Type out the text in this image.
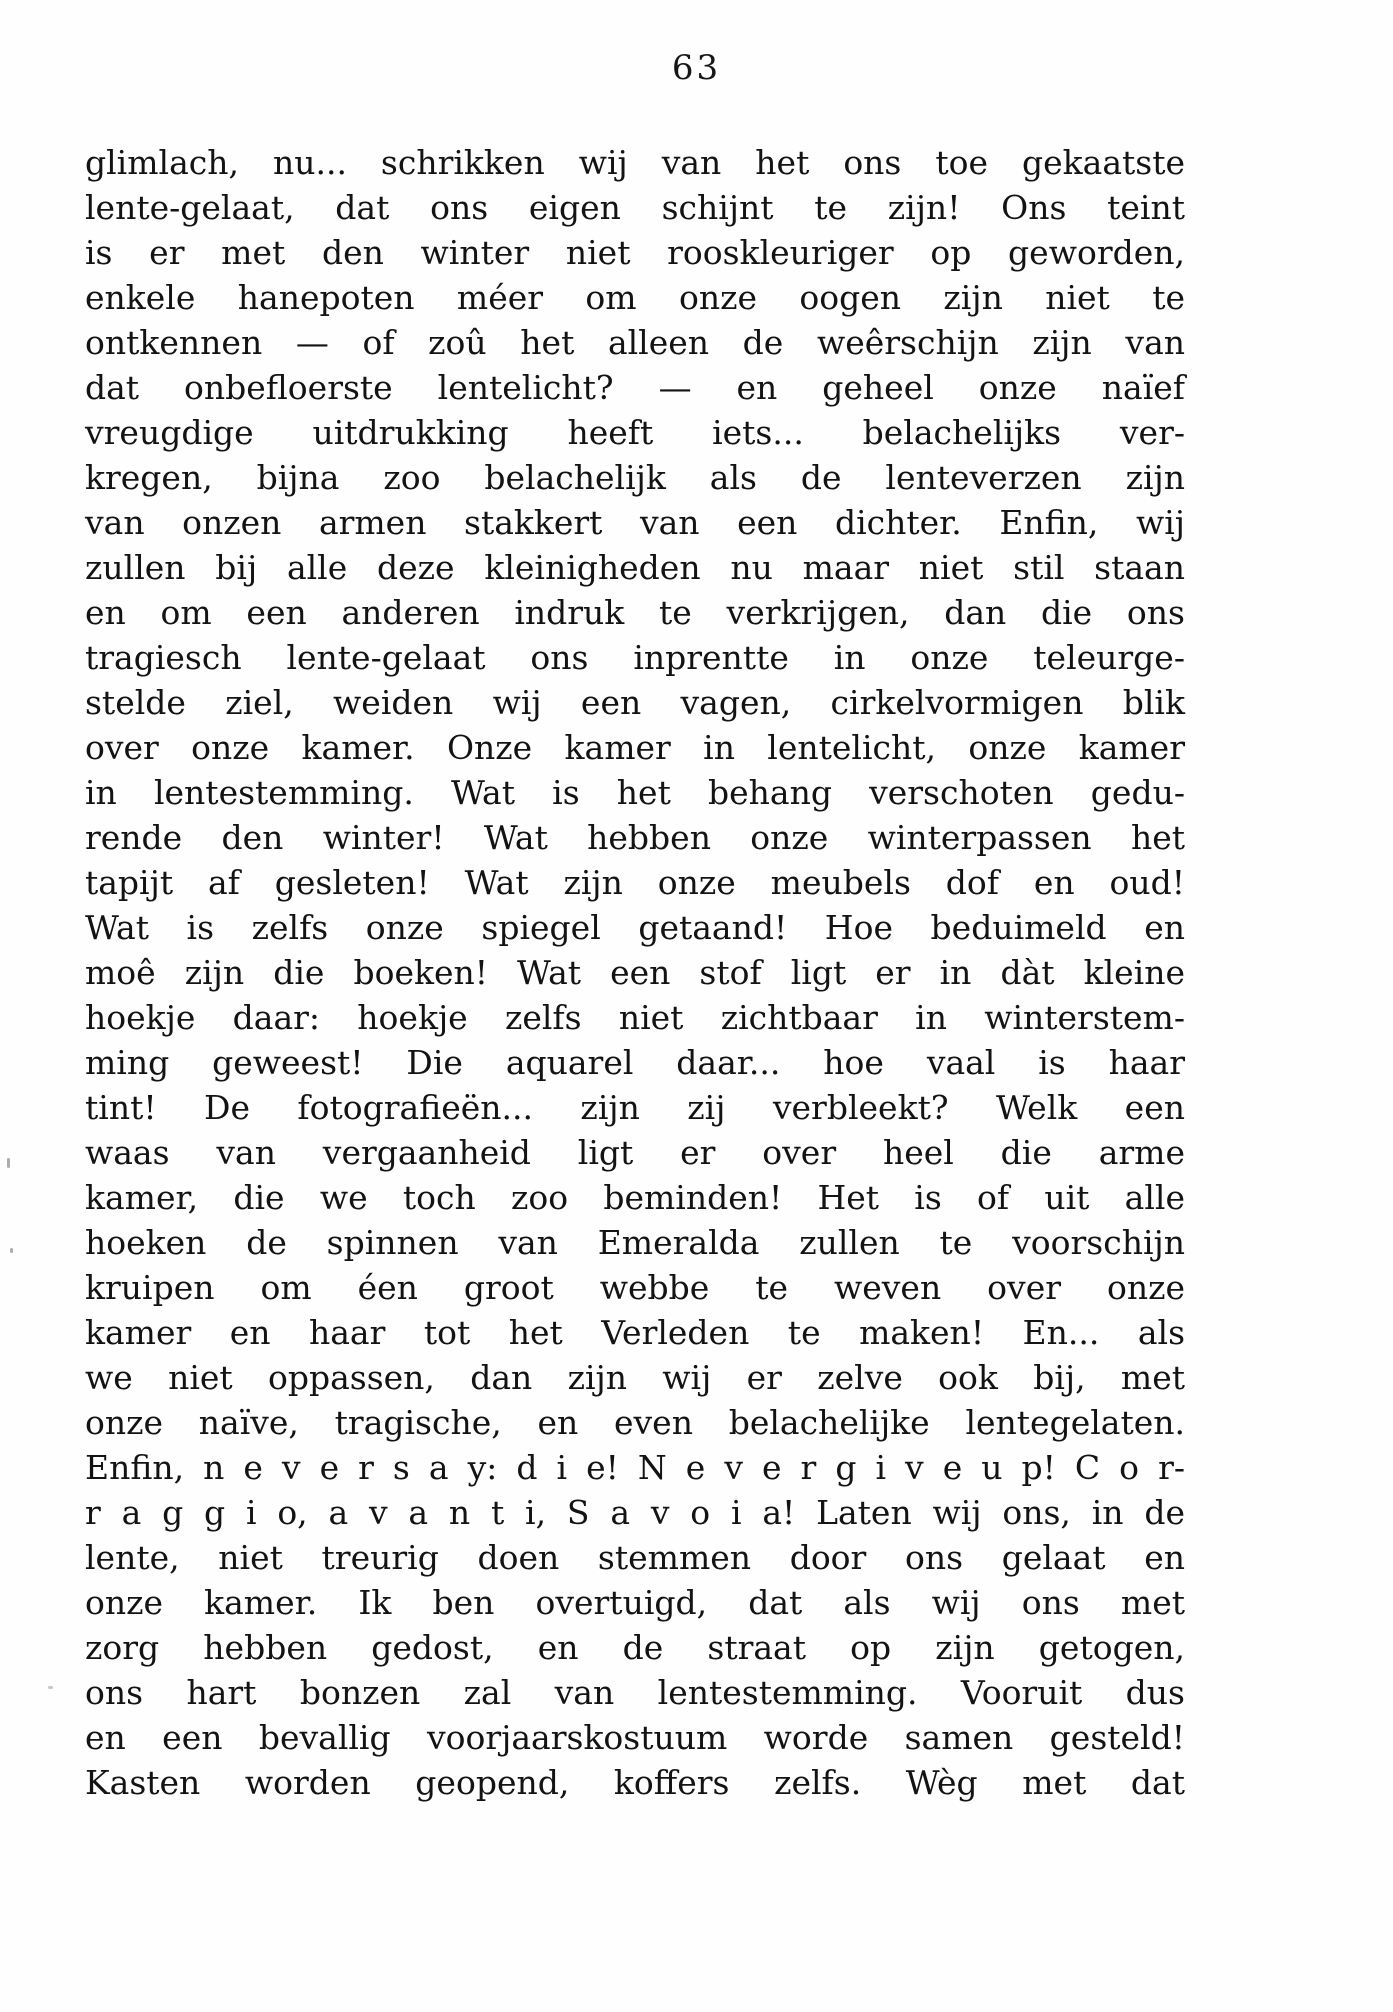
63
glimlach, nu... schrikken wij van het ons toe gekaatste
lente-gelaat, dat ons eigen schijnt te zijn! Ons teint
is er met den winter niet rooskleuriger op geworden,
enkele hanepoten méer om onze oogen zijn niet te
ontkennen — of zoû het alleen de weêrschijn zijn van
dat onbefloerste lentelicht? — en geheel onze naïef
vreugdige uitdrukking heeft iets... belachelijks ver-
kregen, bijna zoo belachelijk als de lenteverzen zijn
van onzen armen stakkert van een dichter. Enfin, wij
zullen bij alle deze kleinigheden nu maar niet stil staan
en om een anderen indruk te verkrijgen, dan die ons
tragiesch lente-gelaat ons inprentte in onze teleurge-
stelde ziel, weiden wij een vagen, cirkelvormigen blik
over onze kamer. Onze kamer in lentelicht, onze kamer
in lentestemming. Wat is het behang verschoten gedu-
rende den winter! Wat hebben onze winterpassen het
tapijt af gesleten! Wat zijn onze meubels dof en oud!
Wat is zelfs onze spiegel getaand! Hoe beduimeld en
moê zijn die boeken! Wat een stof ligt er in dàt kleine
hoekje daar: hoekje zelfs niet zichtbaar in winterstem-
ming geweest! Die aquarel daar... hoe vaal is haar
tint! De fotografieën... zijn zij verbleekt? Welk een
waas van vergaanheid ligt er over heel die arme
kamer, die we toch zoo beminden! Het is of uit alle
hoeken de spinnen van Emeralda zullen te voorschijn
kruipen om éen groot webbe te weven over onze
kamer en haar tot het Verleden te maken! En... als
we niet oppassen, dan zijn wij er zelve ook bij, met
onze naïve, tragische, en even belachelijke lentegelaten.
Enfin, n e v e r s a y: d i e! N e v e r g i v e u p! C o r-
r a g g i o, a v a n t i, S a v o i a! Laten wij ons, in de
lente, niet treurig doen stemmen door ons gelaat en
onze kamer. Ik ben overtuigd, dat als wij ons met
zorg hebben gedost, en de straat op zijn getogen,
ons hart bonzen zal van lentestemming. Vooruit dus
en een bevallig voorjaarskostuum worde samen gesteld!
Kasten worden geopend, koffers zelfs. Wèg met dat
